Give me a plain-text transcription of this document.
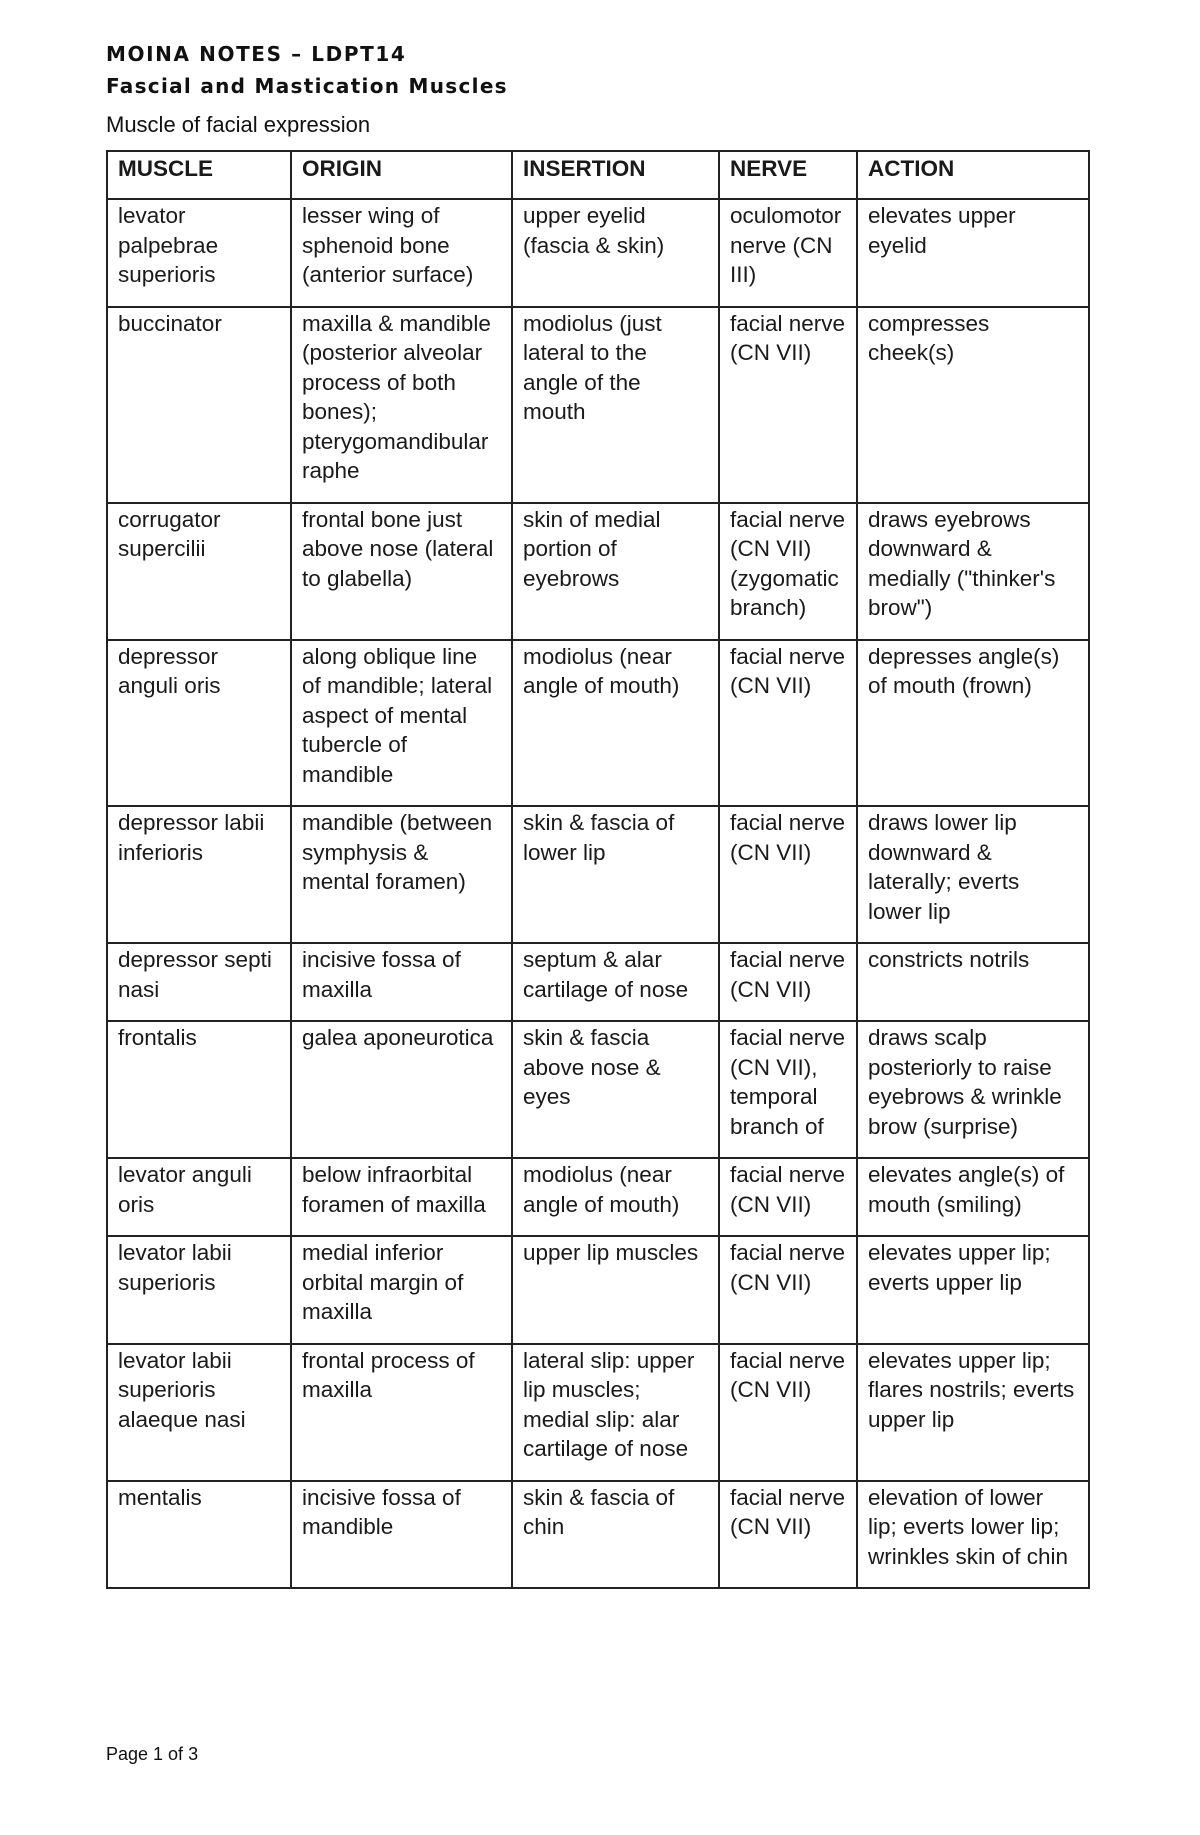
MOINA NOTES – LDPT14
Fascial and Mastication Muscles
Muscle of facial expression
MUSCLE	ORIGIN	INSERTION	NERVE	ACTION
levator palpebrae superioris	lesser wing of sphenoid bone (anterior surface)	upper eyelid (fascia & skin)	oculomotor nerve (CN III)	elevates upper eyelid
buccinator	maxilla & mandible (posterior alveolar process of both bones); pterygomandibular raphe	modiolus (just lateral to the angle of the mouth	facial nerve (CN VII)	compresses cheek(s)
corrugator supercilii	frontal bone just above nose (lateral to glabella)	skin of medial portion of eyebrows	facial nerve (CN VII) (zygomatic branch)	draws eyebrows downward & medially ("thinker's brow")
depressor anguli oris	along oblique line of mandible; lateral aspect of mental tubercle of mandible	modiolus (near angle of mouth)	facial nerve (CN VII)	depresses angle(s) of mouth (frown)
depressor labii inferioris	mandible (between symphysis & mental foramen)	skin & fascia of lower lip	facial nerve (CN VII)	draws lower lip downward & laterally; everts lower lip
depressor septi nasi	incisive fossa of maxilla	septum & alar cartilage of nose	facial nerve (CN VII)	constricts notrils
frontalis	galea aponeurotica	skin & fascia above nose & eyes	facial nerve (CN VII), temporal branch of	draws scalp posteriorly to raise eyebrows & wrinkle brow (surprise)
levator anguli oris	below infraorbital foramen of maxilla	modiolus (near angle of mouth)	facial nerve (CN VII)	elevates angle(s) of mouth (smiling)
levator labii superioris	medial inferior orbital margin of maxilla	upper lip muscles	facial nerve (CN VII)	elevates upper lip; everts upper lip
levator labii superioris alaeque nasi	frontal process of maxilla	lateral slip: upper lip muscles; medial slip: alar cartilage of nose	facial nerve (CN VII)	elevates upper lip; flares nostrils; everts upper lip
mentalis	incisive fossa of mandible	skin & fascia of chin	facial nerve (CN VII)	elevation of lower lip; everts lower lip; wrinkles skin of chin
Page 1 of 3
